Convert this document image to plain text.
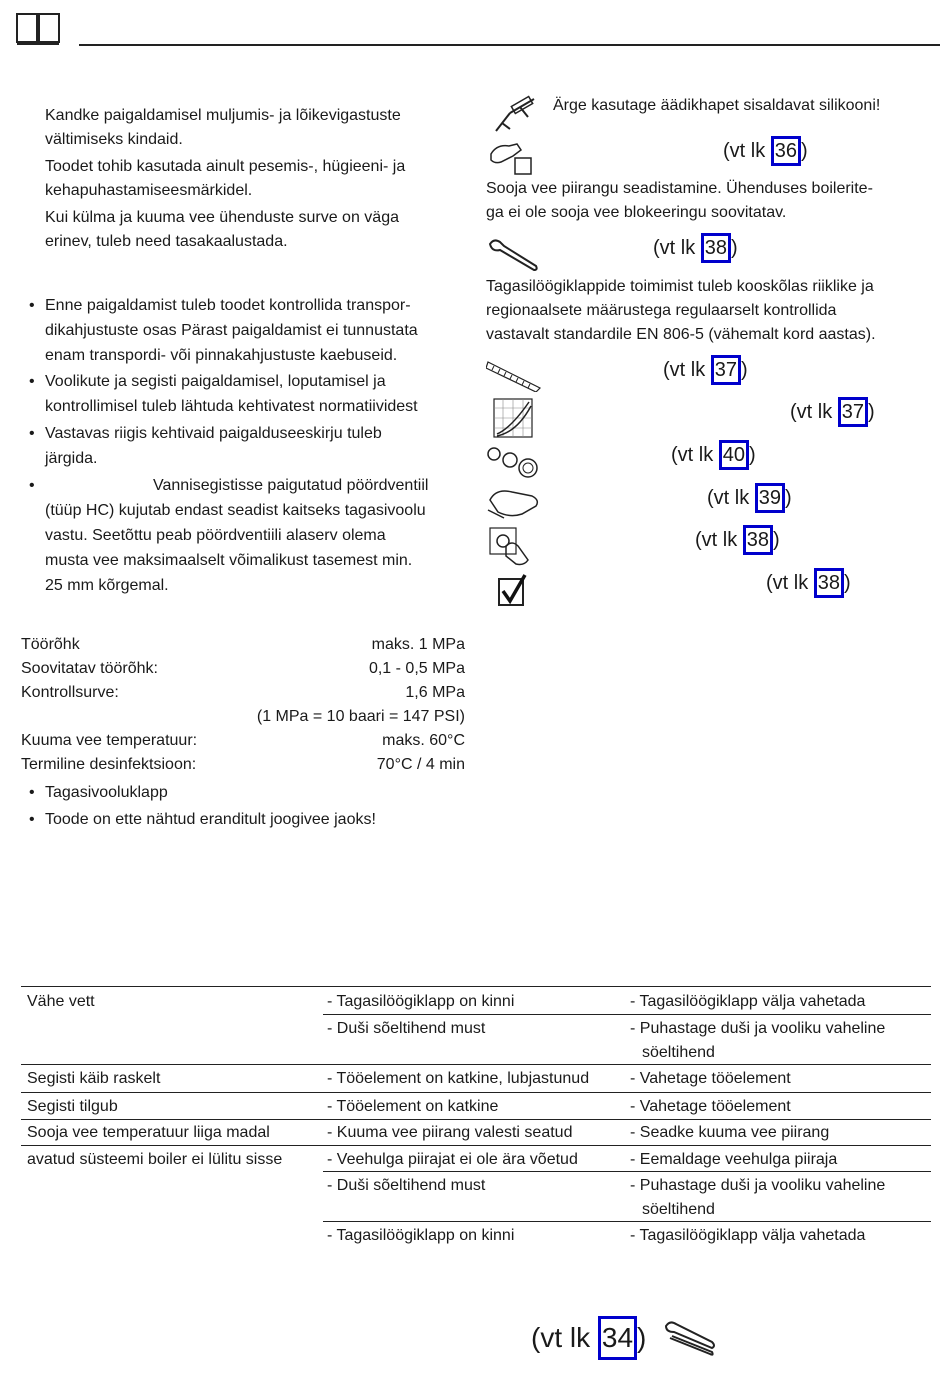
Kandke paigaldamisel muljumis- ja lõikevigastuste
vältimiseks kindaid.
Toodet tohib kasutada ainult pesemis-, hügieeni- ja
kehapuhastamiseesmärkidel.
Kui külma ja kuuma vee ühenduste surve on väga
erinev, tuleb need tasakaalustada.
• Enne paigaldamist tuleb toodet kontrollida transpor-
dikahjustuste osas Pärast paigaldamist ei tunnustata
enam transpordi- või pinnakahjustuste kaebuseid.
• Voolikute ja segisti paigaldamisel, loputamisel ja
kontrollimisel tuleb lähtuda kehtivatest normatiividest
• Vastavas riigis kehtivaid paigalduseeskirju tuleb
järgida.
•	Vannisegistisse paigutatud pöördventiil
(tüüp HC) kujutab endast seadist kaitseks tagasivoolu
vastu. Seetõttu peab pöördventiili alaserv olema
musta vee maksimaalselt võimalikust tasemest min.
25 mm kõrgemal.
Töörõhk	maks. 1 MPa
Soovitatav töörõhk:	0,1 - 0,5 MPa
Kontrollsurve:	1,6 MPa
(1 MPa = 10 baari = 147 PSI)
Kuuma vee temperatuur:	maks. 60°C
Termiline desinfektsioon:	70°C / 4 min
• Tagasivooluklapp
• Toode on ette nähtud eranditult joogivee jaoks!
Ärge kasutage äädikhapet sisaldavat silikooni!
(vt lk 36 )
Sooja vee piirangu seadistamine. Ühenduses boilerite-
ga ei ole sooja vee blokeeringu soovitatav.
(vt lk 38 )
Tagasilöögiklappide toimimist tuleb kooskõlas riiklike ja
regionaalsete määrustega regulaarselt kontrollida
vastavalt standardile EN 806-5 (vähemalt kord aastas).
(vt lk 37 )
(vt lk 37 )
(vt lk 40 )
(vt lk 39 )
(vt lk 38 )
(vt lk 38 )
Vähe vett	- Tagasilöögiklapp on kinni	- Tagasilöögiklapp välja vahetada
- Duši sõeltihend must	- Puhastage duši ja vooliku vaheline
söeltihend
Segisti käib raskelt	- Tööelement on katkine, lubjastunud	- Vahetage tööelement
Segisti tilgub	- Tööelement on katkine	- Vahetage tööelement
Sooja vee temperatuur liiga madal	- Kuuma vee piirang valesti seatud	- Seadke kuuma vee piirang
avatud süsteemi boiler ei lülitu sisse	- Veehulga piirajat ei ole ära võetud	- Eemaldage veehulga piiraja
- Duši sõeltihend must	- Puhastage duši ja vooliku vaheline
söeltihend
- Tagasilöögiklapp on kinni	- Tagasilöögiklapp välja vahetada
(vt lk 34 )
